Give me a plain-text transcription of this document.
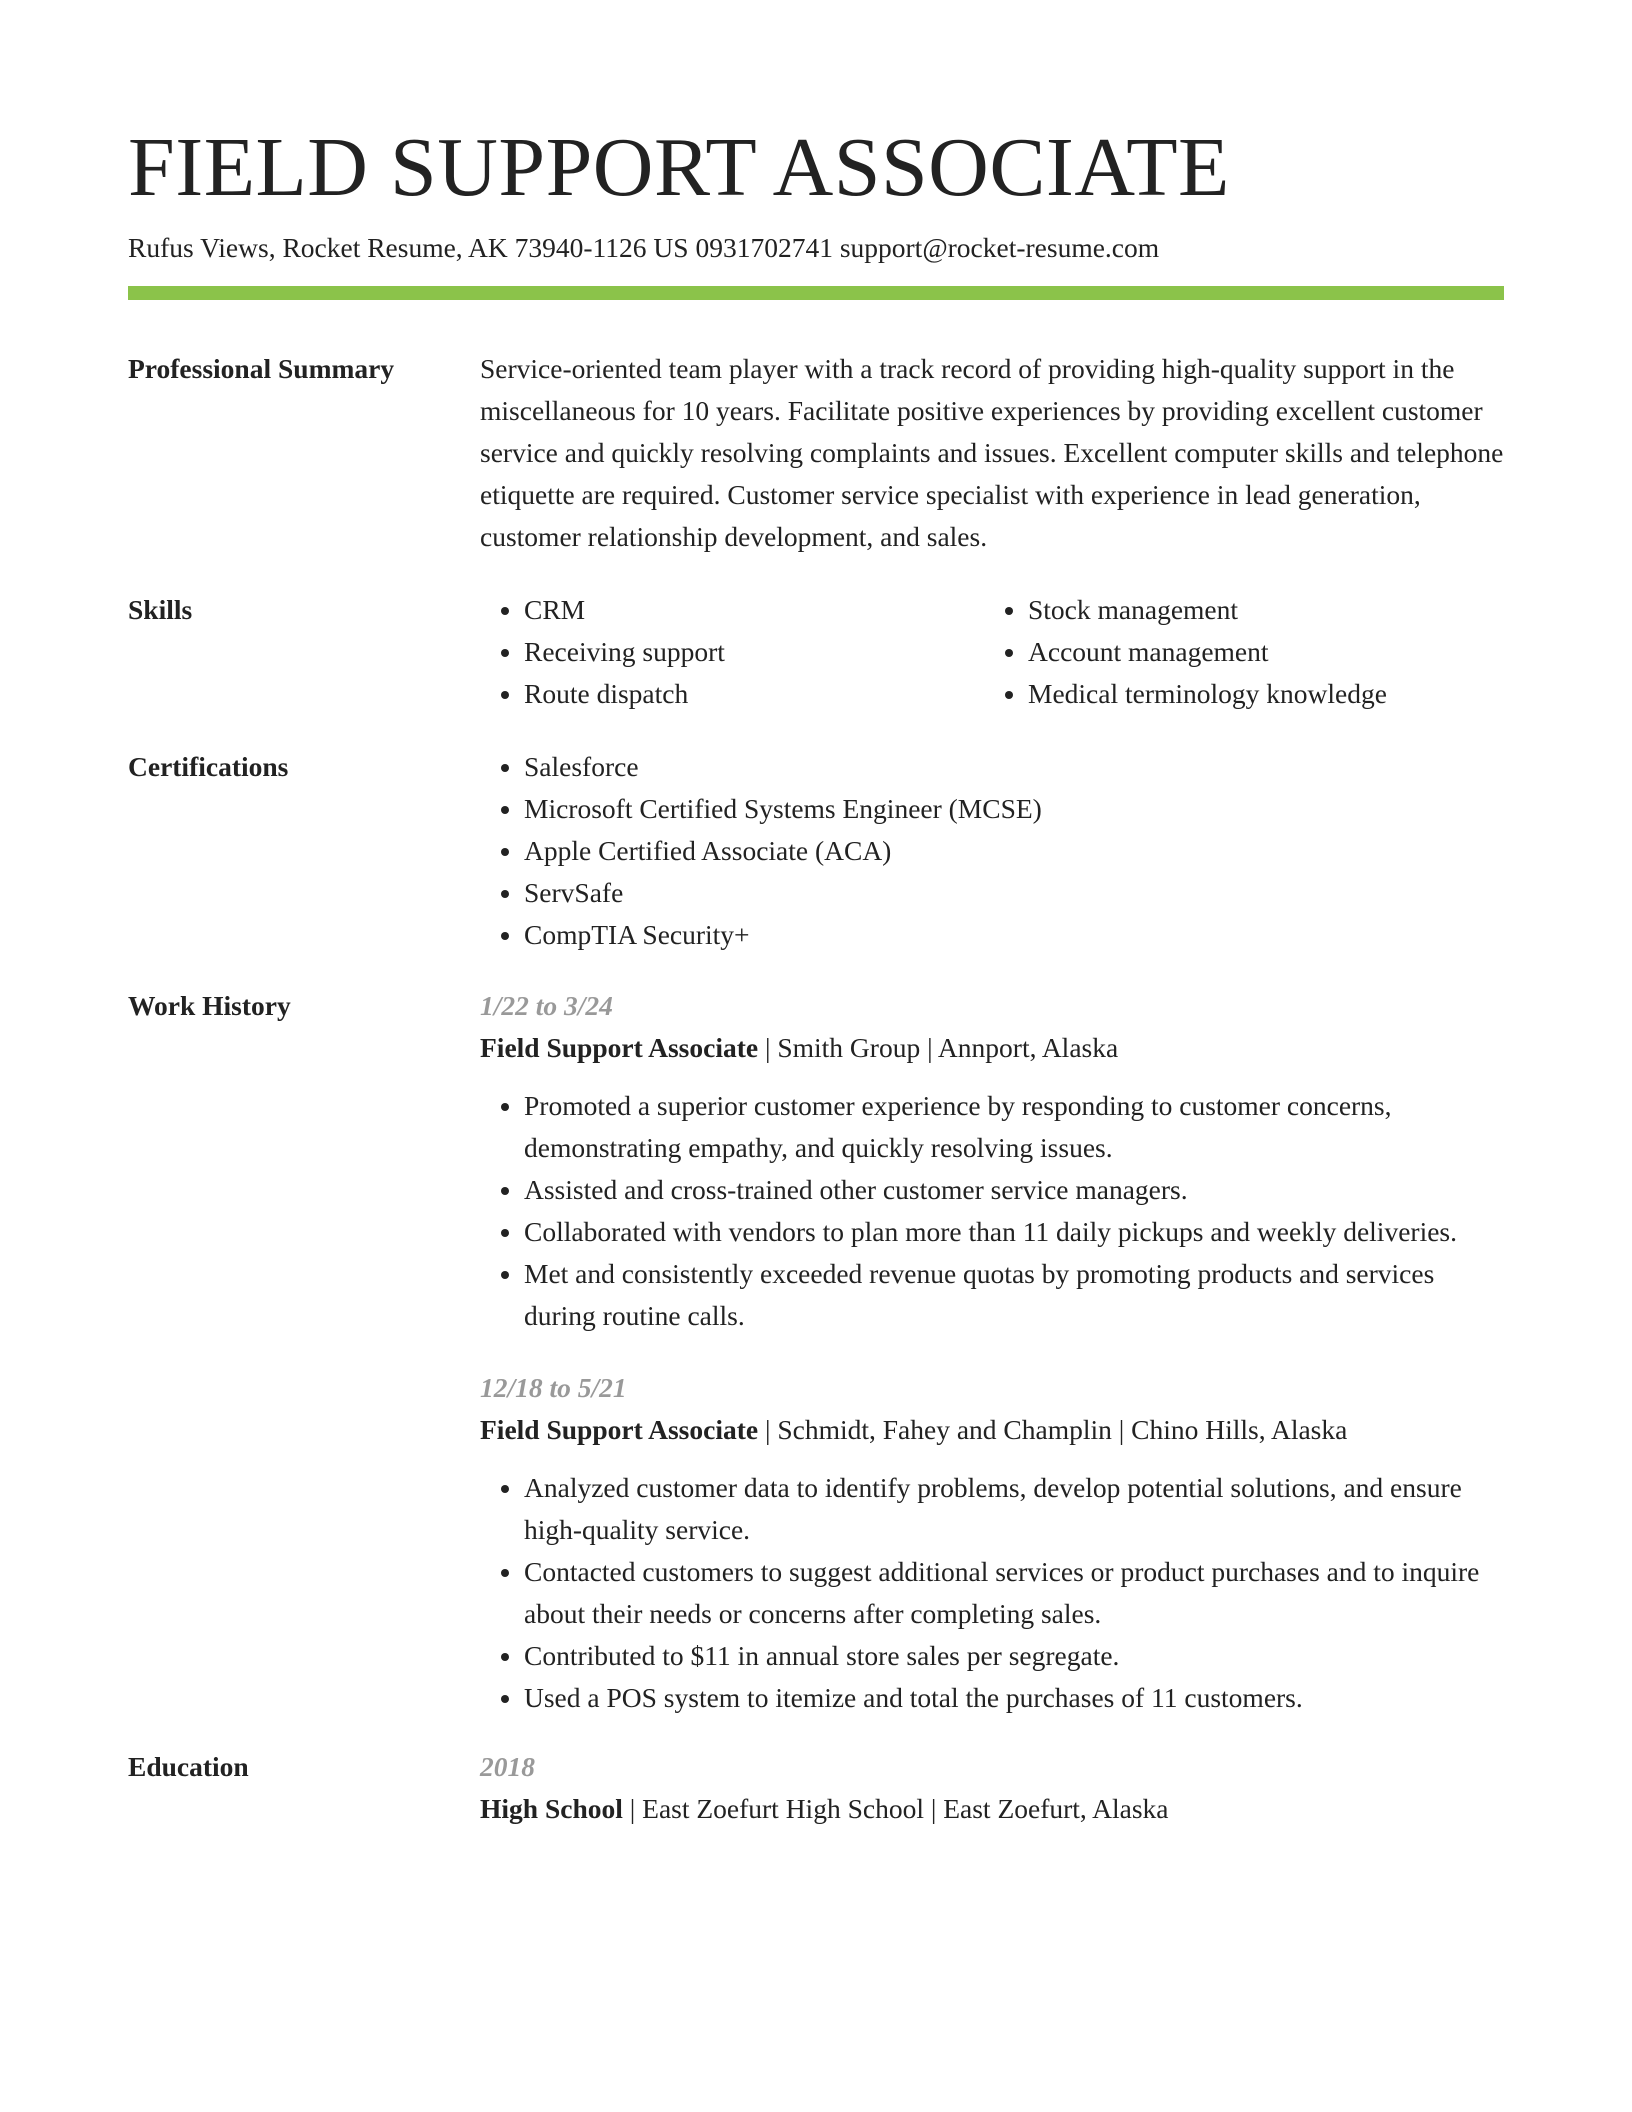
FIELD SUPPORT ASSOCIATE
Rufus Views, Rocket Resume, AK 73940-1126 US 0931702741 support@rocket-resume.com
Professional Summary	Service-oriented team player with a track record of providing high-quality support in the miscellaneous for 10 years. Facilitate positive experiences by providing excellent customer service and quickly resolving complaints and issues. Excellent computer skills and telephone etiquette are required. Customer service specialist with experience in lead generation, customer relationship development, and sales.

Skills	• CRM
• Receiving support
• Route dispatch
• Stock management
• Account management
• Medical terminology knowledge
Certifications	• Salesforce
• Microsoft Certified Systems Engineer (MCSE)
• Apple Certified Associate (ACA)
• ServSafe
• CompTIA Security+
Work History	1/22 to 3/24
Field Support Associate | Smith Group | Annport, Alaska
• Promoted a superior customer experience by responding to customer concerns, demonstrating empathy, and quickly resolving issues.
• Assisted and cross-trained other customer service managers.
• Collaborated with vendors to plan more than 11 daily pickups and weekly deliveries.
• Met and consistently exceeded revenue quotas by promoting products and services during routine calls.
12/18 to 5/21
Field Support Associate | Schmidt, Fahey and Champlin | Chino Hills, Alaska
• Analyzed customer data to identify problems, develop potential solutions, and ensure high-quality service.
• Contacted customers to suggest additional services or product purchases and to inquire about their needs or concerns after completing sales.
• Contributed to $11 in annual store sales per segregate.
• Used a POS system to itemize and total the purchases of 11 customers.
Education	2018
High School | East Zoefurt High School | East Zoefurt, Alaska
